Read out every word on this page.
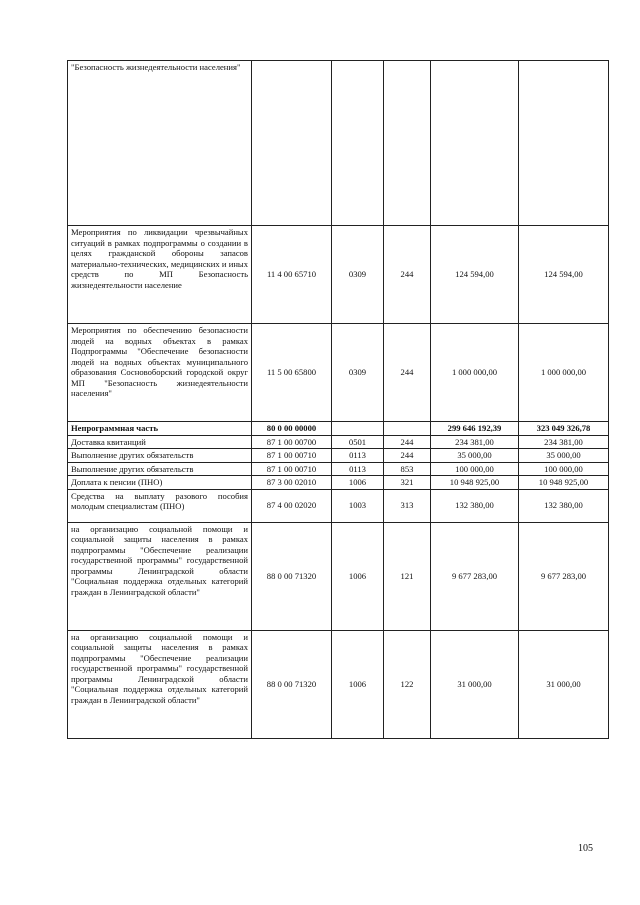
"Безопасность жизнедеятельности населения"					
Мероприятия по ликвидации чрезвычайных ситуаций в рамках подпрограммы о создании в целях гражданской обороны запасов материально-технических, медицинских и иных средств по МП Безопасность жизнедеятельности население	11 4 00 65710	0309	244	124 594,00	124 594,00
Мероприятия по обеспечению безопасности людей на водных объектах в рамках Подпрограммы "Обеспечение безопасности людей на водных объектах муниципального образования Сосновоборский городской округ МП "Безопасность жизнедеятельности населения"	11 5 00 65800	0309	244	1 000 000,00	1 000 000,00
Непрограммная часть	80 0 00 00000			299 646 192,39	323 049 326,78
Доставка квитанций	87 1 00 00700	0501	244	234 381,00	234 381,00
Выполнение других обязательств	87 1 00 00710	0113	244	35 000,00	35 000,00
Выполнение других обязательств	87 1 00 00710	0113	853	100 000,00	100 000,00
Доплата к пенсии (ПНО)	87 3 00 02010	1006	321	10 948 925,00	10 948 925,00
Средства на выплату разового пособия молодым специалистам (ПНО)	87 4 00 02020	1003	313	132 380,00	132 380,00
на организацию социальной помощи и социальной защиты населения в рамках подпрограммы "Обеспечение реализации государственной программы" государственной программы Ленинградской области "Социальная поддержка отдельных категорий граждан в Ленинградской области"	88 0 00 71320	1006	121	9 677 283,00	9 677 283,00
на организацию социальной помощи и социальной защиты населения в рамках подпрограммы "Обеспечение реализации государственной программы" государственной программы Ленинградской области "Социальная поддержка отдельных категорий граждан в Ленинградской области"	88 0 00 71320	1006	122	31 000,00	31 000,00
105
